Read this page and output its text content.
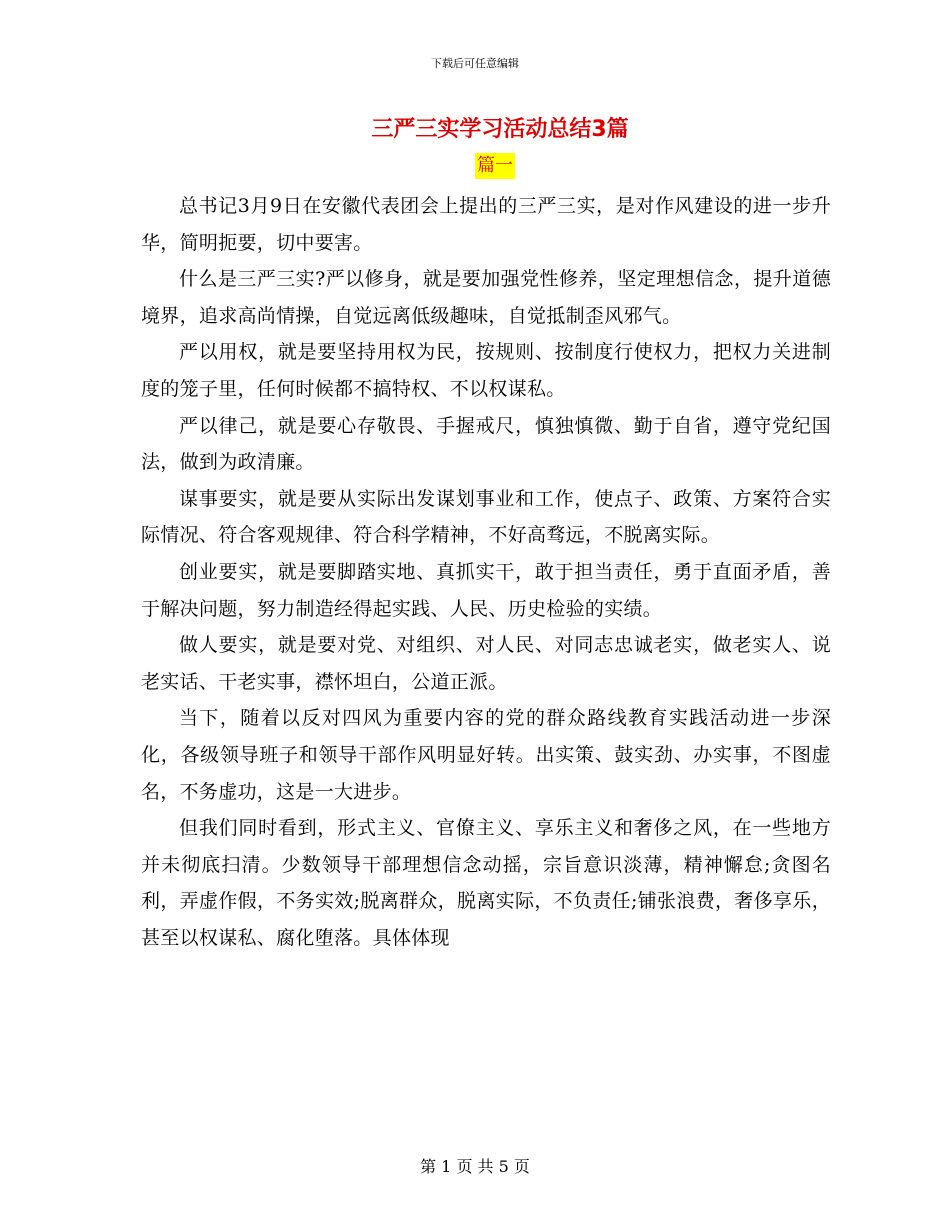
下载后可任意编辑
三严三实学习活动总结3篇
篇一

总书记3月9日在安徽代表团会上提出的三严三实，是对作风建设的进一步升华，简明扼要，切中要害。

什么是三严三实?严以修身，就是要加强党性修养，坚定理想信念，提升道德境界，追求高尚情操，自觉远离低级趣味，自觉抵制歪风邪气。

严以用权，就是要坚持用权为民，按规则、按制度行使权力，把权力关进制度的笼子里，任何时候都不搞特权、不以权谋私。

严以律己，就是要心存敬畏、手握戒尺，慎独慎微、勤于自省，遵守党纪国法，做到为政清廉。

谋事要实，就是要从实际出发谋划事业和工作，使点子、政策、方案符合实际情况、符合客观规律、符合科学精神，不好高骛远，不脱离实际。

创业要实，就是要脚踏实地、真抓实干，敢于担当责任，勇于直面矛盾，善于解决问题，努力制造经得起实践、人民、历史检验的实绩。

做人要实，就是要对党、对组织、对人民、对同志忠诚老实，做老实人、说老实话、干老实事，襟怀坦白，公道正派。

当下，随着以反对四风为重要内容的党的群众路线教育实践活动进一步深化，各级领导班子和领导干部作风明显好转。出实策、鼓实劲、办实事，不图虚名，不务虚功，这是一大进步。

但我们同时看到，形式主义、官僚主义、享乐主义和奢侈之风，在一些地方并未彻底扫清。少数领导干部理想信念动摇，宗旨意识淡薄，精神懈怠;贪图名利，弄虚作假，不务实效;脱离群众，脱离实际，不负责任;铺张浪费，奢侈享乐，甚至以权谋私、腐化堕落。具体体现

第 1 页 共 5 页
